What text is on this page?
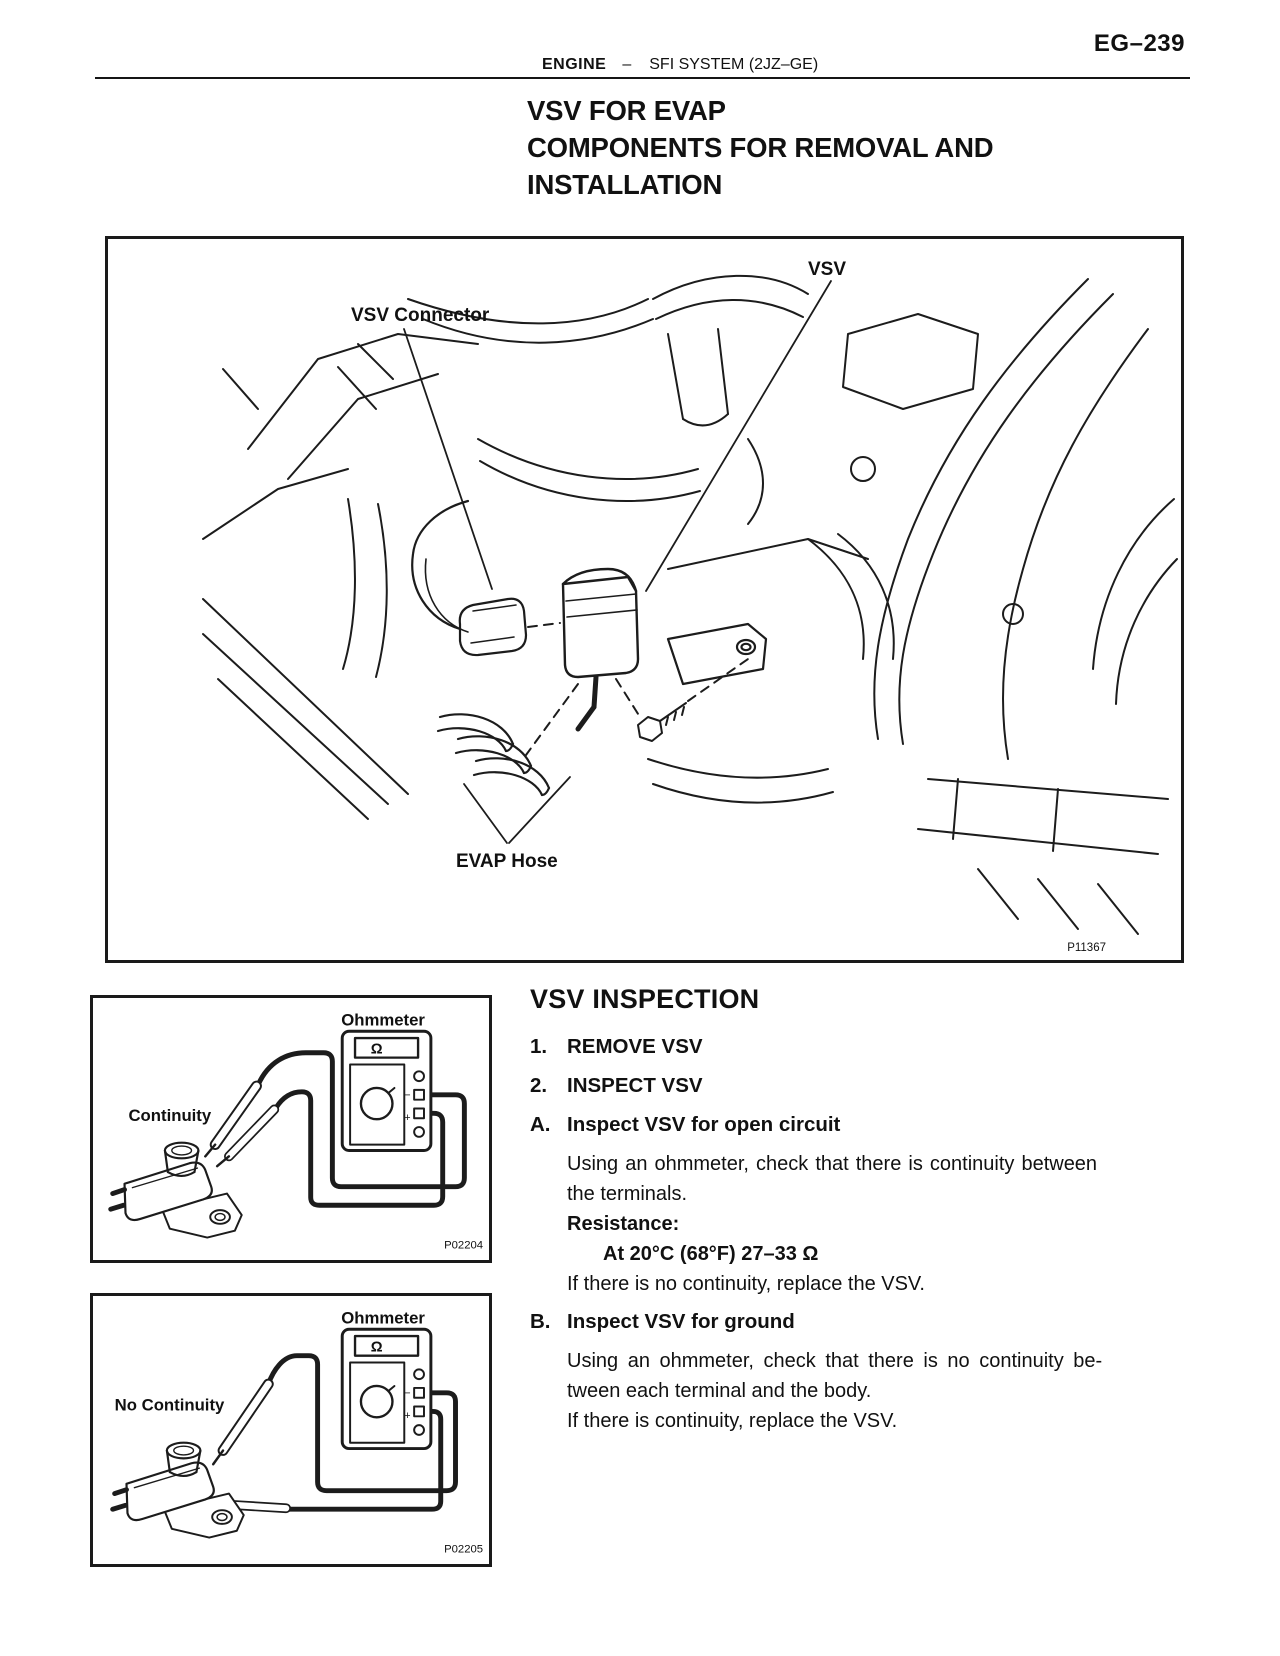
EG–239
ENGINE – SFI SYSTEM (2JZ–GE)
VSV FOR EVAP
COMPONENTS FOR REMOVAL AND
INSTALLATION
VSV
VSV Connector
EVAP Hose
P11367
Ohmmeter
Ω
−
+
Continuity
P02204
Ohmmeter
Ω
−
+
No Continuity
P02205
VSV INSPECTION
1. REMOVE VSV
2. INSPECT VSV
A. Inspect VSV for open circuit
Using an ohmmeter, check that there is continuity between
the terminals.
Resistance:
At 20°C (68°F) 27–33 Ω
If there is no continuity, replace the VSV.
B. Inspect VSV for ground
Using an ohmmeter, check that there is no continuity be-
tween each terminal and the body.
If there is continuity, replace the VSV.
